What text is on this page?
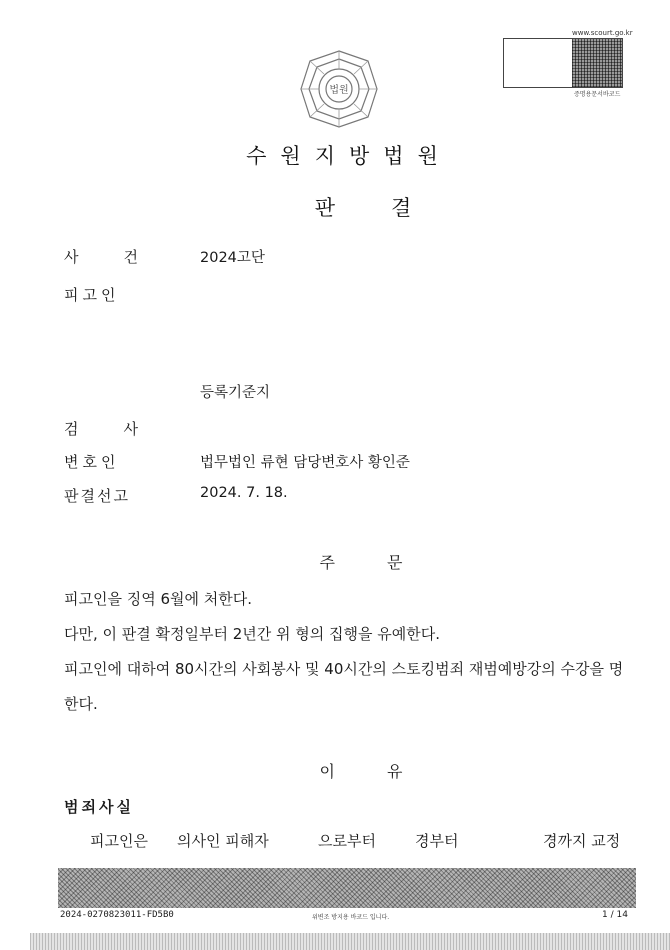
www.scourt.go.kr
증명용문서바코드
법원
수원지방법원
판결
사	건	2024고단
피고인
등록기준지
검	사
변호인	법무법인 류현 담당변호사 황인준
판결선고	2024. 7. 18.
주문
피고인을 징역 6월에 처한다.
다만, 이 판결 확정일부터 2년간 위 형의 집행을 유예한다.
피고인에 대하여 80시간의 사회봉사 및 40시간의 스토킹범죄 재범예방강의 수강을 명
한다.
이유
범죄사실
피고인은 의사인 피해자	으로부터	경부터	경까지 교정
2024-0270823011-FD5B0	위변조 방지용 바코드 입니다.	1 / 14
